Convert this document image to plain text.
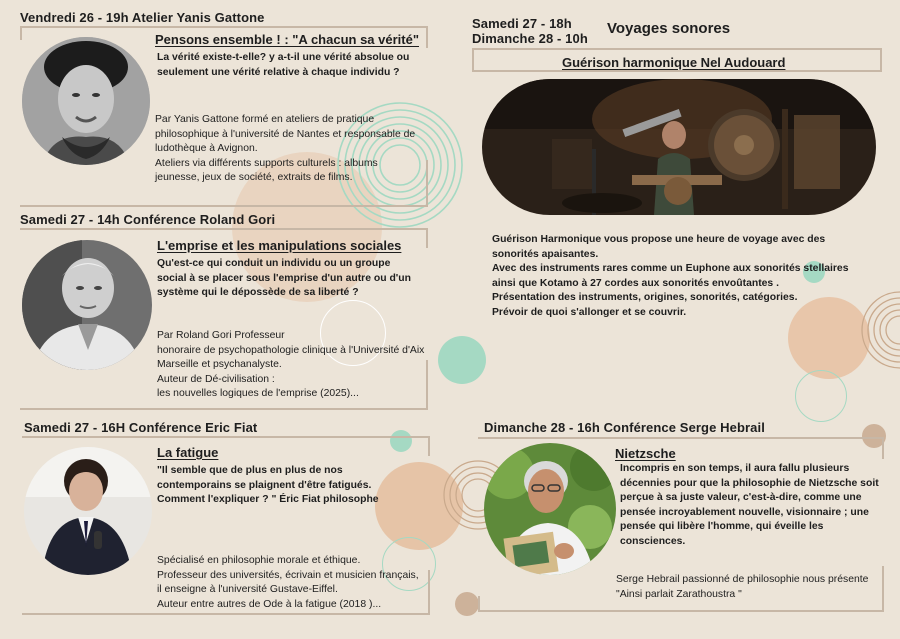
Vendredi 26 - 19h Atelier Yanis Gattone
Pensons ensemble ! : "A chacun sa vérité"
La vérité existe-t-elle? y a-t-il une vérité absolue ou seulement une vérité relative à chaque individu ?
Par Yanis Gattone formé en ateliers de pratique philosophique à l'université de Nantes et responsable de ludothèque à Avignon.
Ateliers via différents supports culturels : albums jeunesse, jeux de société, extraits de films.
Samedi 27 - 14h Conférence Roland Gori
L'emprise et les manipulations sociales
Qu'est-ce qui conduit un individu ou un groupe social à se placer sous l'emprise d'un autre ou d'un système qui le dépossède de sa liberté ?
Par Roland Gori Professeur
honoraire de psychopathologie clinique à l'Université d'Aix Marseille et psychanalyste.
Auteur de Dé-civilisation :
les nouvelles logiques de l'emprise (2025)...
Samedi 27 - 16H Conférence Eric Fiat
La fatigue
"Il semble que de plus en plus de nos contemporains se plaignent d'être fatigués. Comment l'expliquer ? " Éric Fiat philosophe
Spécialisé en philosophie morale et éthique.
Professeur des universités, écrivain et musicien français, il enseigne à l'université Gustave-Eiffel.
Auteur entre autres de Ode à la fatigue (2018 )...
Samedi 27 - 18h
Dimanche 28 - 10h
Voyages sonores
Guérison harmonique Nel Audouard
Guérison Harmonique vous propose une heure de voyage avec des sonorités apaisantes.
Avec des instruments rares comme un Euphone aux sonorités stellaires ainsi que Kotamo à 27 cordes aux sonorités envoûtantes .
Présentation des instruments, origines, sonorités, catégories.
Prévoir de quoi s'allonger et se couvrir.
Dimanche 28 - 16h Conférence Serge Hebrail
Nietzsche
Incompris en son temps, il aura fallu plusieurs décennies pour que la philosophie de Nietzsche soit perçue à sa juste valeur, c'est-à-dire, comme une pensée incroyablement nouvelle, visionnaire ; une pensée qui libère l'homme, qui éveille les consciences.
Serge Hebrail passionné de philosophie nous présente
"Ainsi parlait Zarathoustra "
